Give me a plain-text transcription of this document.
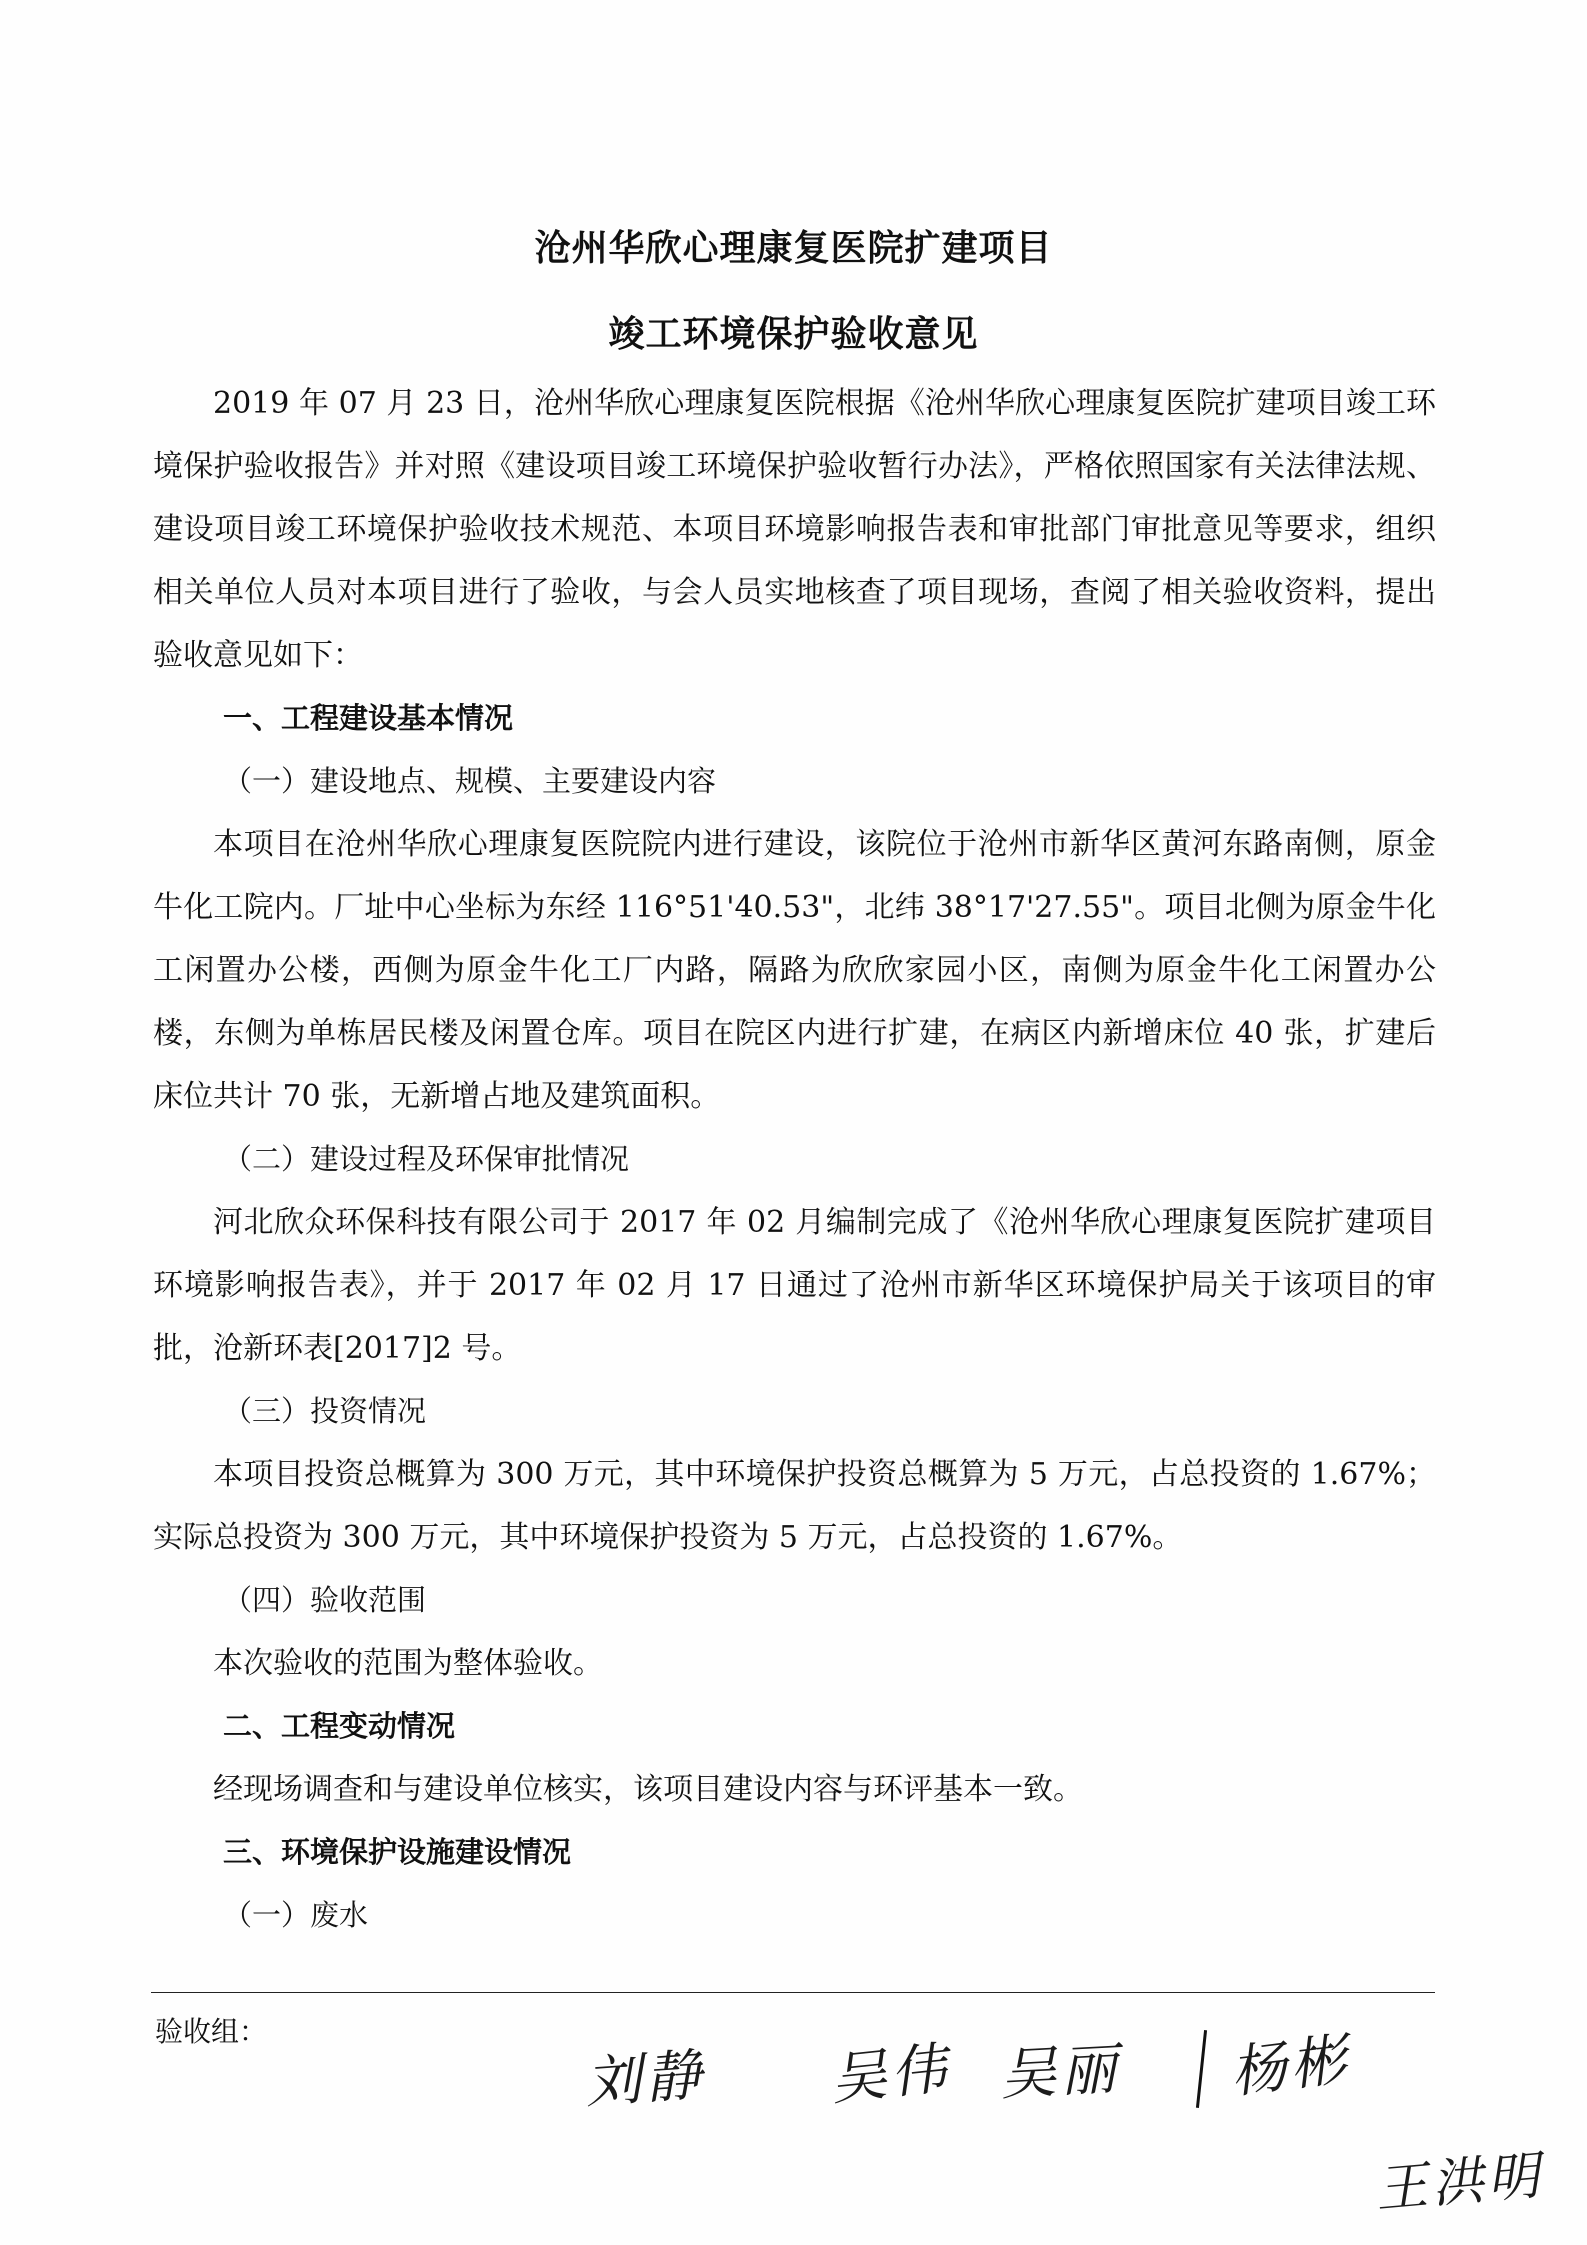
沧州华欣心理康复医院扩建项目
竣工环境保护验收意见

2019 年 07 月 23 日，沧州华欣心理康复医院根据《沧州华欣心理康复医院扩建项目竣工环境保护验收报告》并对照《建设项目竣工环境保护验收暂行办法》，严格依照国家有关法律法规、建设项目竣工环境保护验收技术规范、本项目环境影响报告表和审批部门审批意见等要求，组织相关单位人员对本项目进行了验收，与会人员实地核查了项目现场，查阅了相关验收资料，提出验收意见如下：

一、工程建设基本情况

（一）建设地点、规模、主要建设内容

本项目在沧州华欣心理康复医院院内进行建设，该院位于沧州市新华区黄河东路南侧，原金牛化工院内。厂址中心坐标为东经 116°51'40.53"，北纬 38°17'27.55"。项目北侧为原金牛化工闲置办公楼，西侧为原金牛化工厂内路，隔路为欣欣家园小区，南侧为原金牛化工闲置办公楼，东侧为单栋居民楼及闲置仓库。项目在院区内进行扩建，在病区内新增床位 40 张，扩建后床位共计 70 张，无新增占地及建筑面积。

（二）建设过程及环保审批情况

河北欣众环保科技有限公司于 2017 年 02 月编制完成了《沧州华欣心理康复医院扩建项目环境影响报告表》，并于 2017 年 02 月 17 日通过了沧州市新华区环境保护局关于该项目的审批，沧新环表[2017]2 号。

（三）投资情况

本项目投资总概算为 300 万元，其中环境保护投资总概算为 5 万元，占总投资的 1.67%；实际总投资为 300 万元，其中环境保护投资为 5 万元，占总投资的 1.67%。

（四）验收范围

本次验收的范围为整体验收。

二、工程变动情况

经现场调查和与建设单位核实，该项目建设内容与环评基本一致。

三、环境保护设施建设情况

（一）废水

验收组：
刘静 吴伟 吴丽 杨彬
王洪明
